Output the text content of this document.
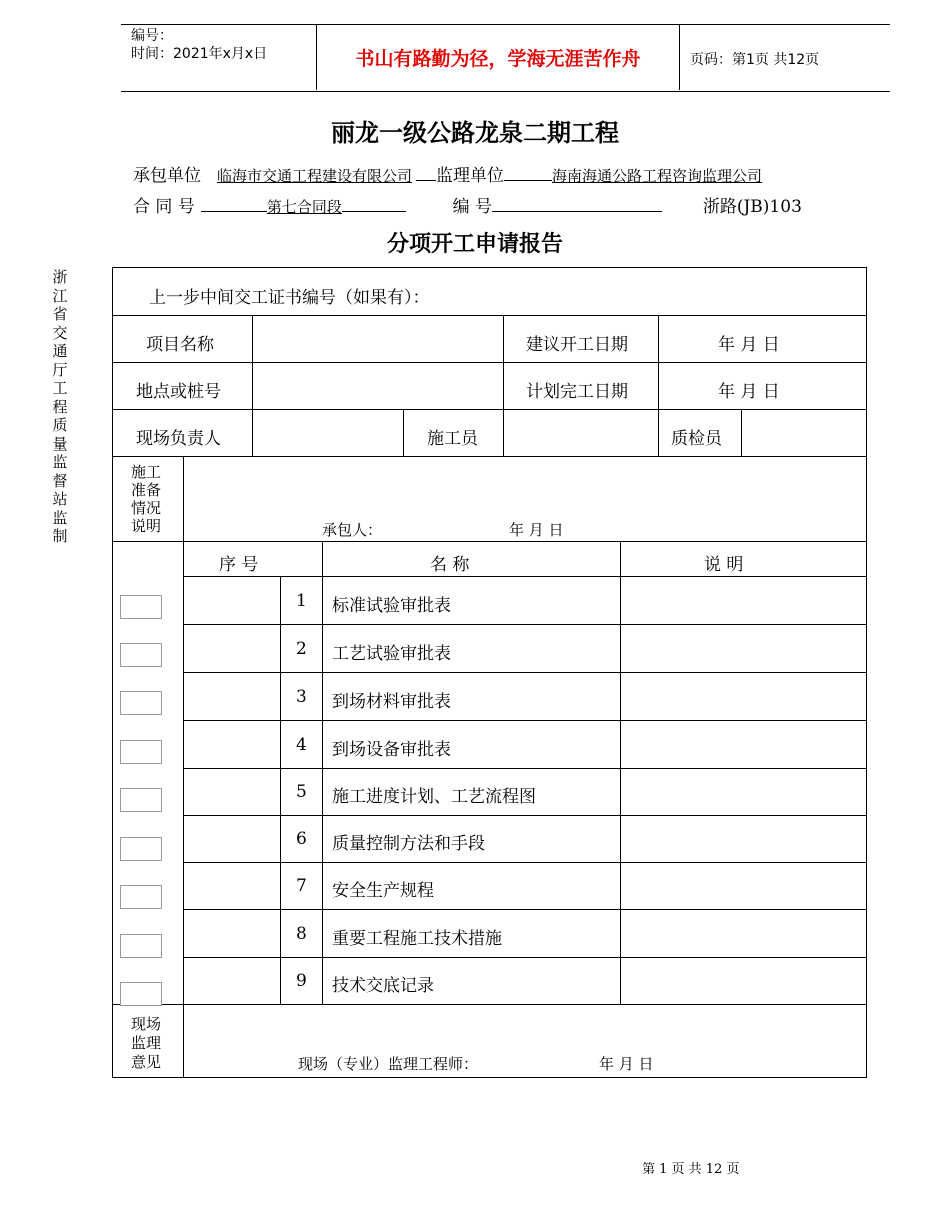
编号：
时间：2021年x月x日	书山有路勤为径，学海无涯苦作舟	页码：第1页 共12页
丽龙一级公路龙泉二期工程
承包单位 临海市交通工程建设有限公司 监理单位	海南海通公路工程咨询监理公司
合 同 号	第七合同段	编 号	浙路(JB)103
分项开工申请报告
浙
江
省
交
通
厅
工
程
质
量
监
督
站
监
制
上一步中间交工证书编号（如果有）：
项目名称	建议开工日期	年 月 日
地点或桩号	计划完工日期	年 月 日
现场负责人	施工员	质检员
施工
准备
情况
说明	承包人：	年 月 日
序 号	名 称	说 明
1 标准试验审批表
2 工艺试验审批表
3 到场材料审批表
4 到场设备审批表
5 施工进度计划、工艺流程图
6 质量控制方法和手段
7 安全生产规程
8 重要工程施工技术措施
9 技术交底记录
现场
监理
意见	现场（专业）监理工程师：	年 月 日
第 1 页 共 12 页
